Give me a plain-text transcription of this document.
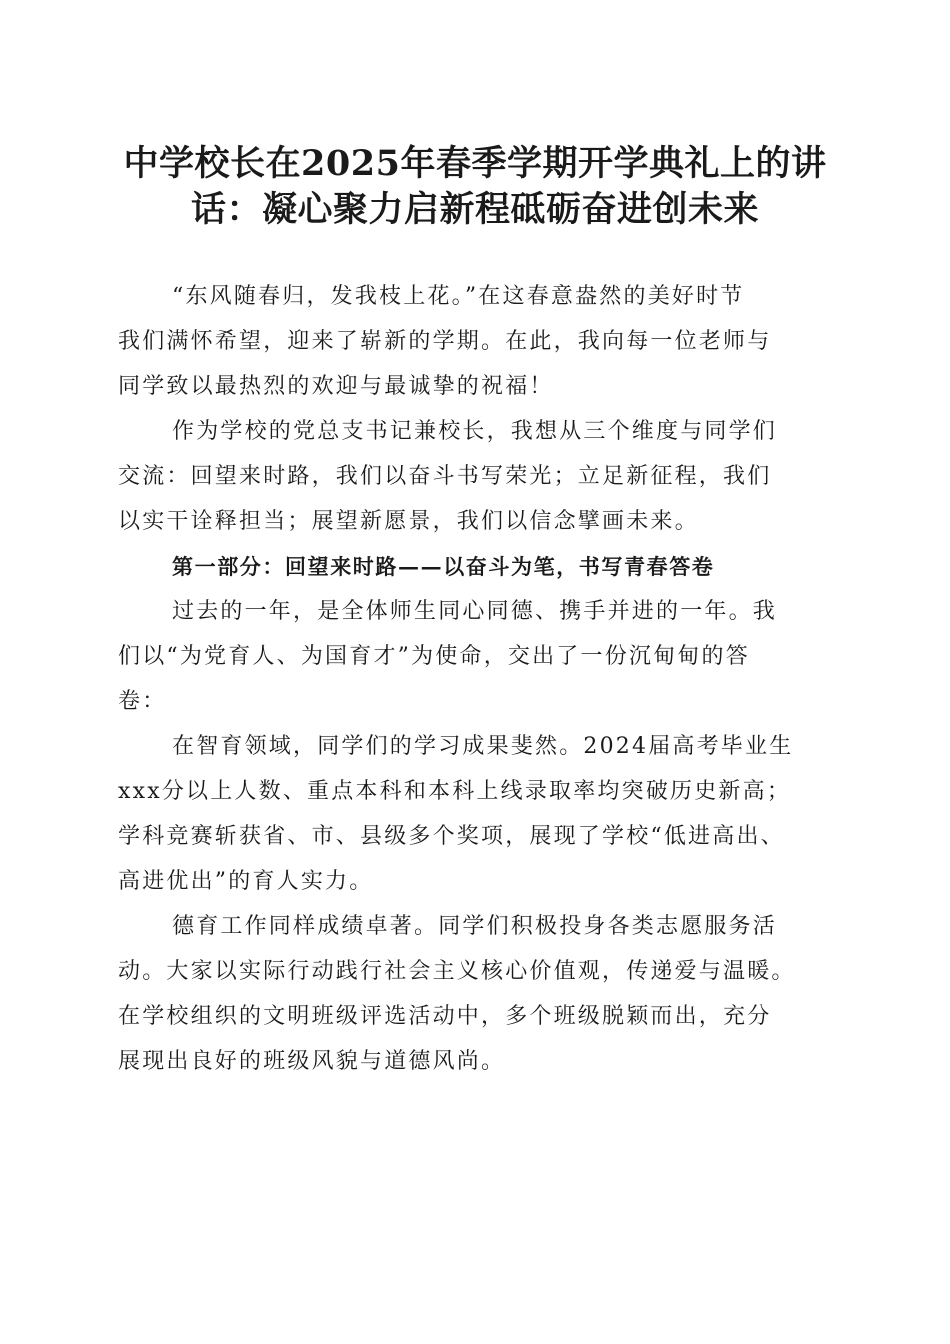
中学校长在2025年春季学期开学典礼上的讲
话：凝心聚力启新程砥砺奋进创未来
“东风随春归，发我枝上花。”在这春意盎然的美好时节
我们满怀希望，迎来了崭新的学期。在此，我向每一位老师与
同学致以最热烈的欢迎与最诚挚的祝福！
作为学校的党总支书记兼校长，我想从三个维度与同学们
交流：回望来时路，我们以奋斗书写荣光；立足新征程，我们
以实干诠释担当；展望新愿景，我们以信念擘画未来。
第一部分：回望来时路——以奋斗为笔，书写青春答卷
过去的一年，是全体师生同心同德、携手并进的一年。我
们以“为党育人、为国育才”为使命，交出了一份沉甸甸的答
卷：
在智育领域，同学们的学习成果斐然。2024届高考毕业生
xxx分以上人数、重点本科和本科上线录取率均突破历史新高；
学科竞赛斩获省、市、县级多个奖项，展现了学校“低进高出、
高进优出”的育人实力。
德育工作同样成绩卓著。同学们积极投身各类志愿服务活
动。大家以实际行动践行社会主义核心价值观，传递爱与温暖。
在学校组织的文明班级评选活动中，多个班级脱颖而出，充分
展现出良好的班级风貌与道德风尚。
